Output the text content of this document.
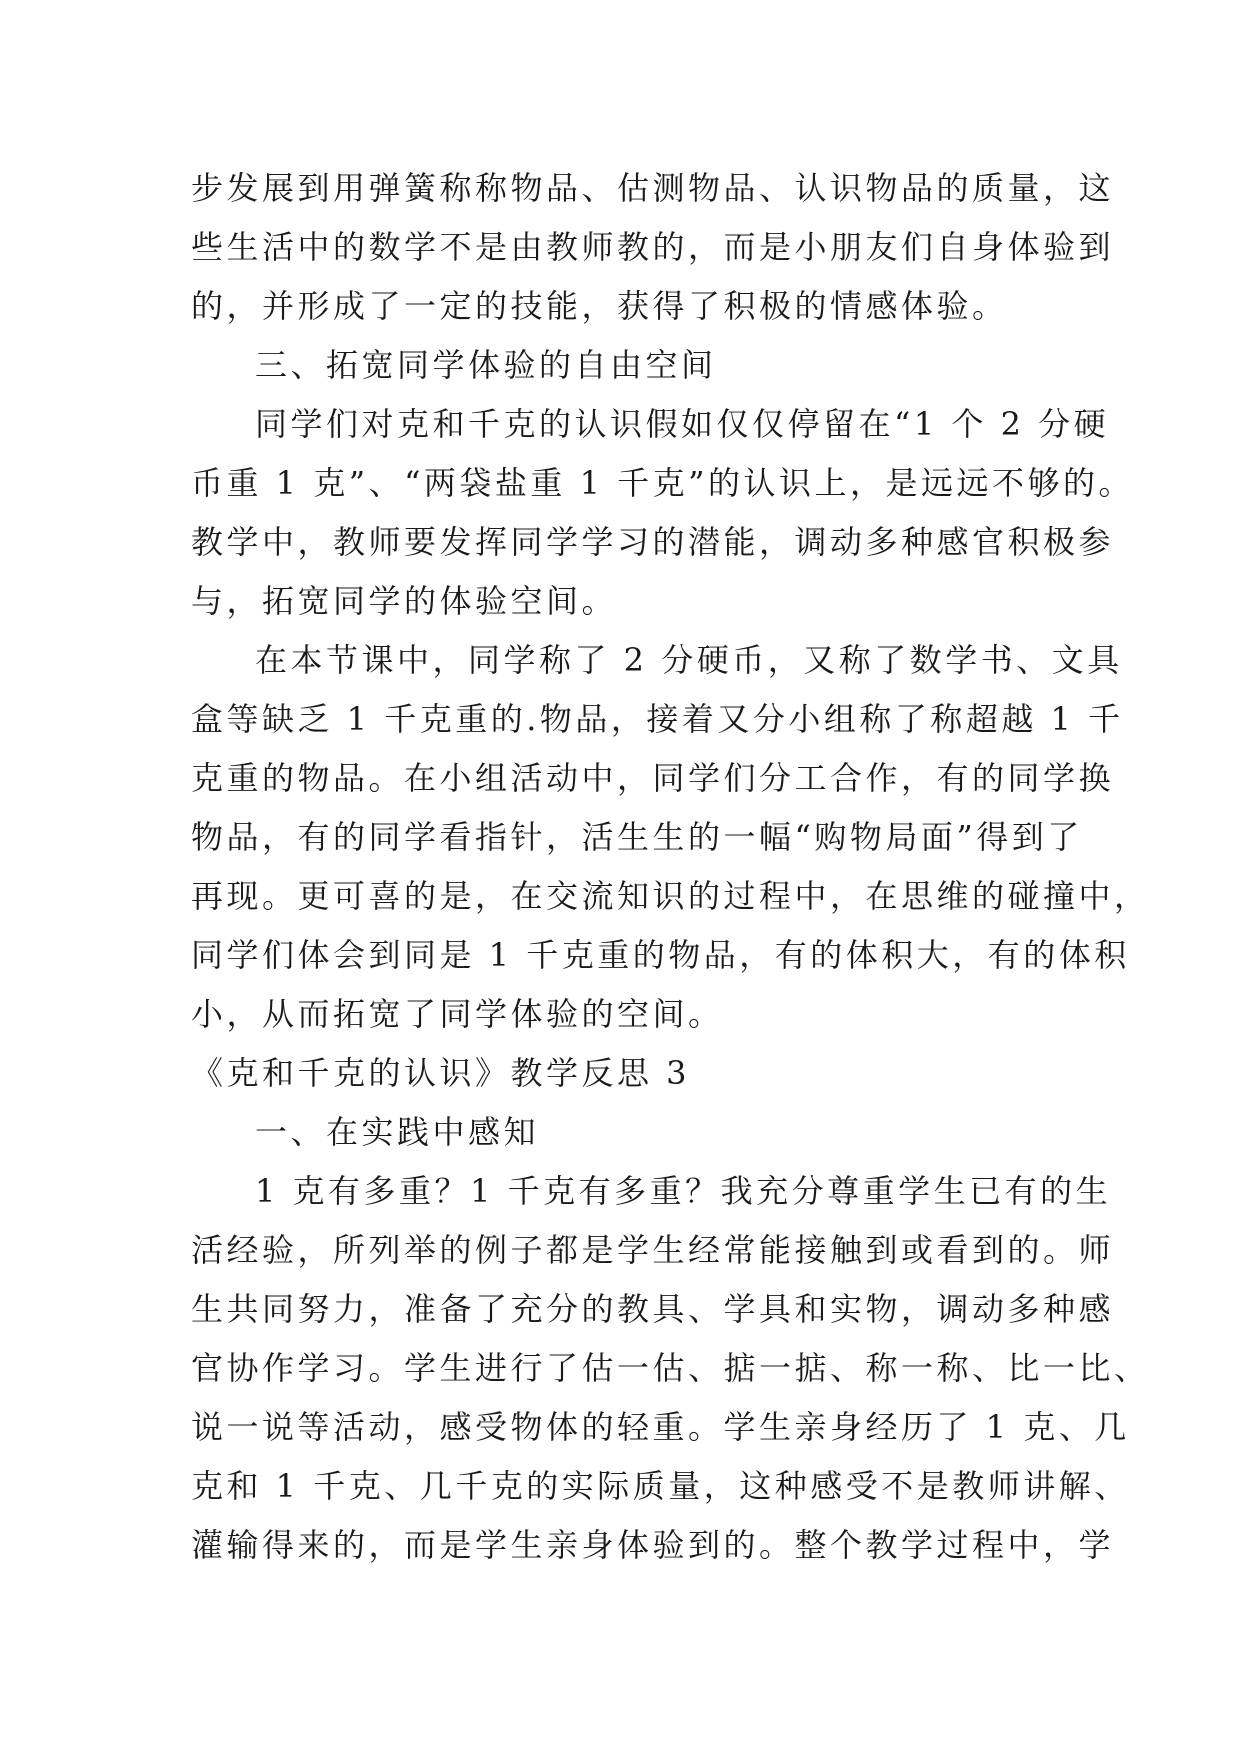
步发展到用弹簧称称物品、估测物品、认识物品的质量，这
些生活中的数学不是由教师教的，而是小朋友们自身体验到
的，并形成了一定的技能，获得了积极的情感体验。
三、拓宽同学体验的自由空间
同学们对克和千克的认识假如仅仅停留在“1 个 2 分硬
币重 1 克”、“两袋盐重 1 千克”的认识上，是远远不够的。
教学中，教师要发挥同学学习的潜能，调动多种感官积极参
与，拓宽同学的体验空间。
在本节课中，同学称了 2 分硬币，又称了数学书、文具
盒等缺乏 1 千克重的.物品，接着又分小组称了称超越 1 千
克重的物品。在小组活动中，同学们分工合作，有的同学换
物品，有的同学看指针，活生生的一幅“购物局面”得到了
再现。更可喜的是，在交流知识的过程中，在思维的碰撞中，
同学们体会到同是 1 千克重的物品，有的体积大，有的体积
小，从而拓宽了同学体验的空间。
《克和千克的认识》教学反思 3
一、在实践中感知
1 克有多重？1 千克有多重？我充分尊重学生已有的生
活经验，所列举的例子都是学生经常能接触到或看到的。师
生共同努力，准备了充分的教具、学具和实物，调动多种感
官协作学习。学生进行了估一估、掂一掂、称一称、比一比、
说一说等活动，感受物体的轻重。学生亲身经历了 1 克、几
克和 1 千克、几千克的实际质量，这种感受不是教师讲解、
灌输得来的，而是学生亲身体验到的。整个教学过程中，学
